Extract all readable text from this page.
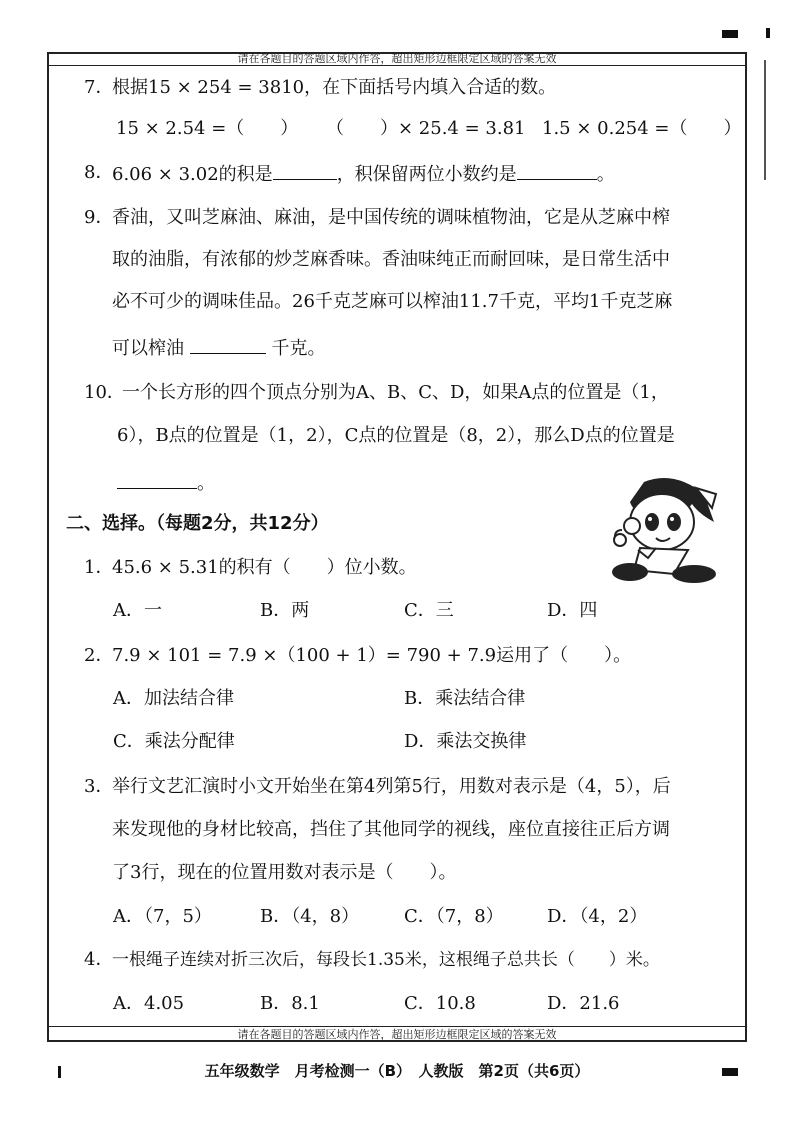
请在各题目的答题区域内作答，超出矩形边框限定区域的答案无效
7．
根据15 × 254 = 3810，在下面括号内填入合适的数。
15 × 2.54 =（　　） （　　）× 25.4 = 3.81 1.5 × 0.254 =（　　）
8．
6.06 × 3.02的积是	，积保留两位小数约是	。
9．
香油，又叫芝麻油、麻油，是中国传统的调味植物油，它是从芝麻中榨
取的油脂，有浓郁的炒芝麻香味。香油味纯正而耐回味，是日常生活中
必不可少的调味佳品。26千克芝麻可以榨油11.7千克，平均1千克芝麻
可以榨油	千克。
10．
一个长方形的四个顶点分别为A、B、C、D，如果A点的位置是（1，
6），B点的位置是（1，2），C点的位置是（8，2），那么D点的位置是
。
二、选择。（每题2分，共12分）
1．
45.6 × 5.31的积有（　　）位小数。
A．一	B．两	C．三	D．四
2．
7.9 × 101 = 7.9 ×（100 + 1）= 790 + 7.9运用了（　　）。
A．加法结合律	B．乘法结合律
C．乘法分配律	D．乘法交换律
3．
举行文艺汇演时小文开始坐在第4列第5行，用数对表示是（4，5），后
来发现他的身材比较高，挡住了其他同学的视线，座位直接往正后方调
了3行，现在的位置用数对表示是（　　）。
A．（7，5）	B．（4，8） C．（7，8） D．（4，2）
4．
一根绳子连续对折三次后，每段长1.35米，这根绳子总共长（　　）米。
A．4.05	B．8.1	C．10.8	D．21.6
请在各题目的答题区域内作答，超出矩形边框限定区域的答案无效
五年级数学　月考检测一（B）　人教版　第2页（共6页）
